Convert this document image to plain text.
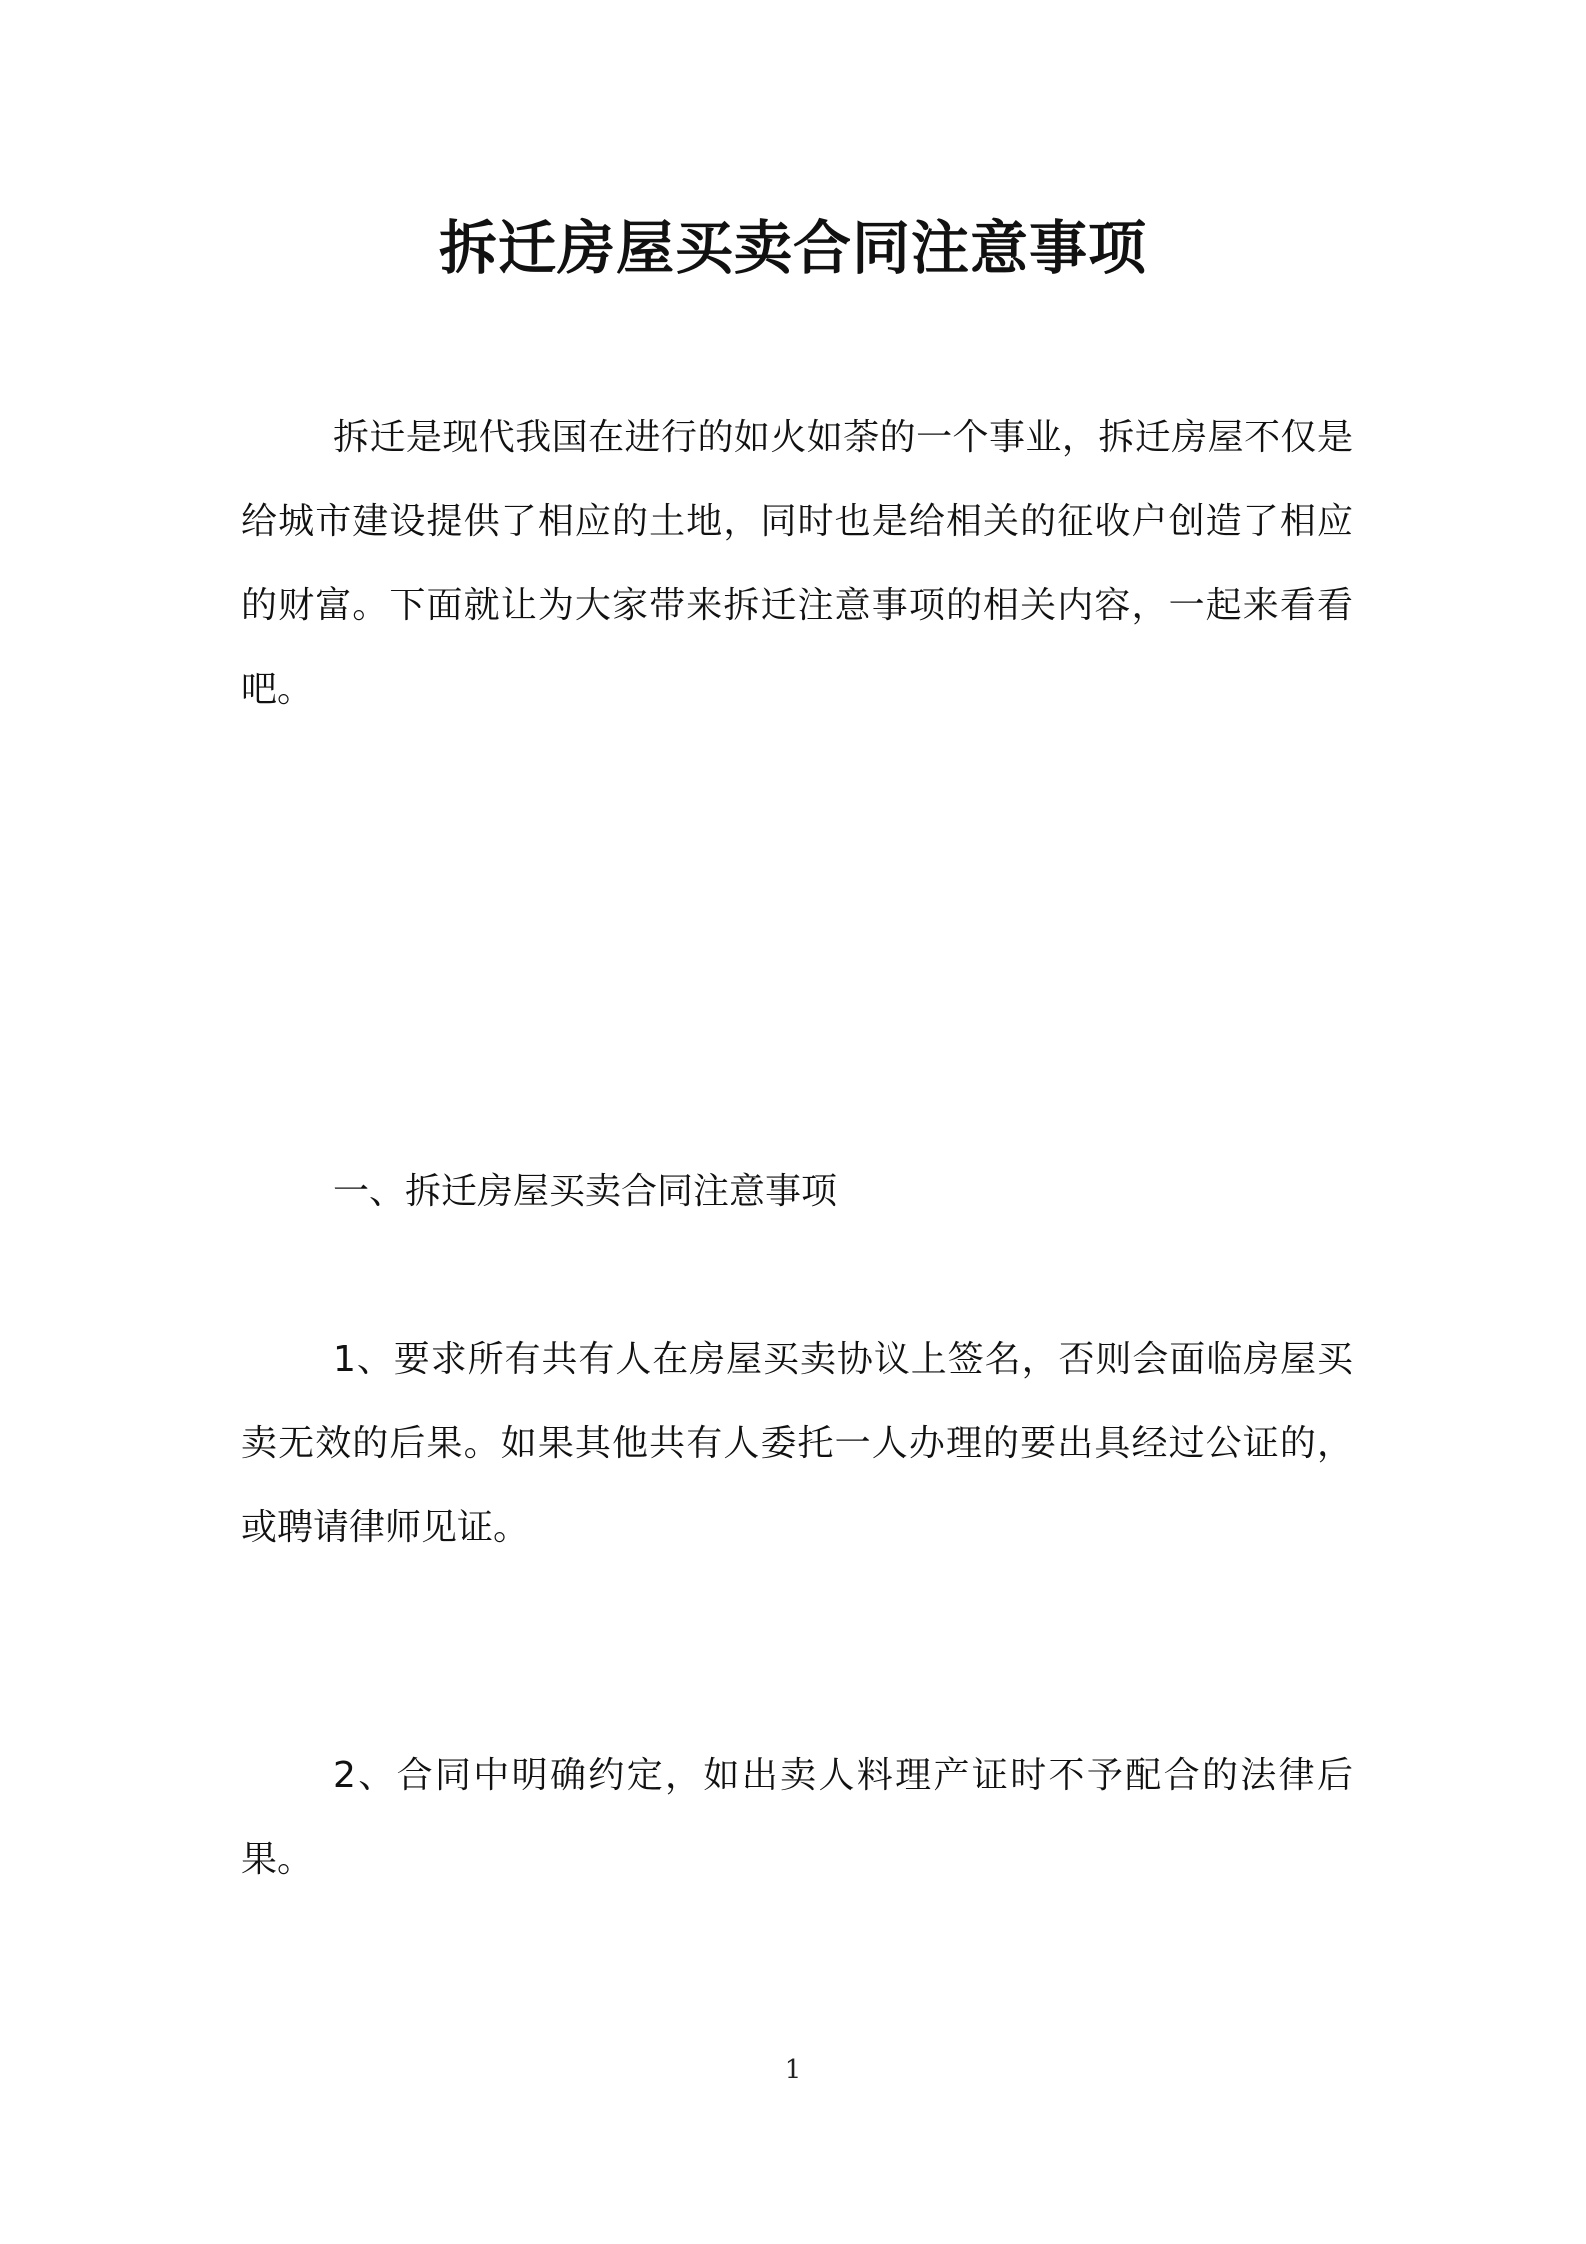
拆迁房屋买卖合同注意事项
拆迁是现代我国在进行的如火如荼的一个事业，拆迁房屋不仅是给城市建设提供了相应的土地，同时也是给相关的征收户创造了相应的财富。下面就让为大家带来拆迁注意事项的相关内容，一起来看看吧。
一、拆迁房屋买卖合同注意事项
1、要求所有共有人在房屋买卖协议上签名，否则会面临房屋买卖无效的后果。如果其他共有人委托一人办理的要出具经过公证的，或聘请律师见证。
2、合同中明确约定，如出卖人料理产证时不予配合的法律后果。
1
